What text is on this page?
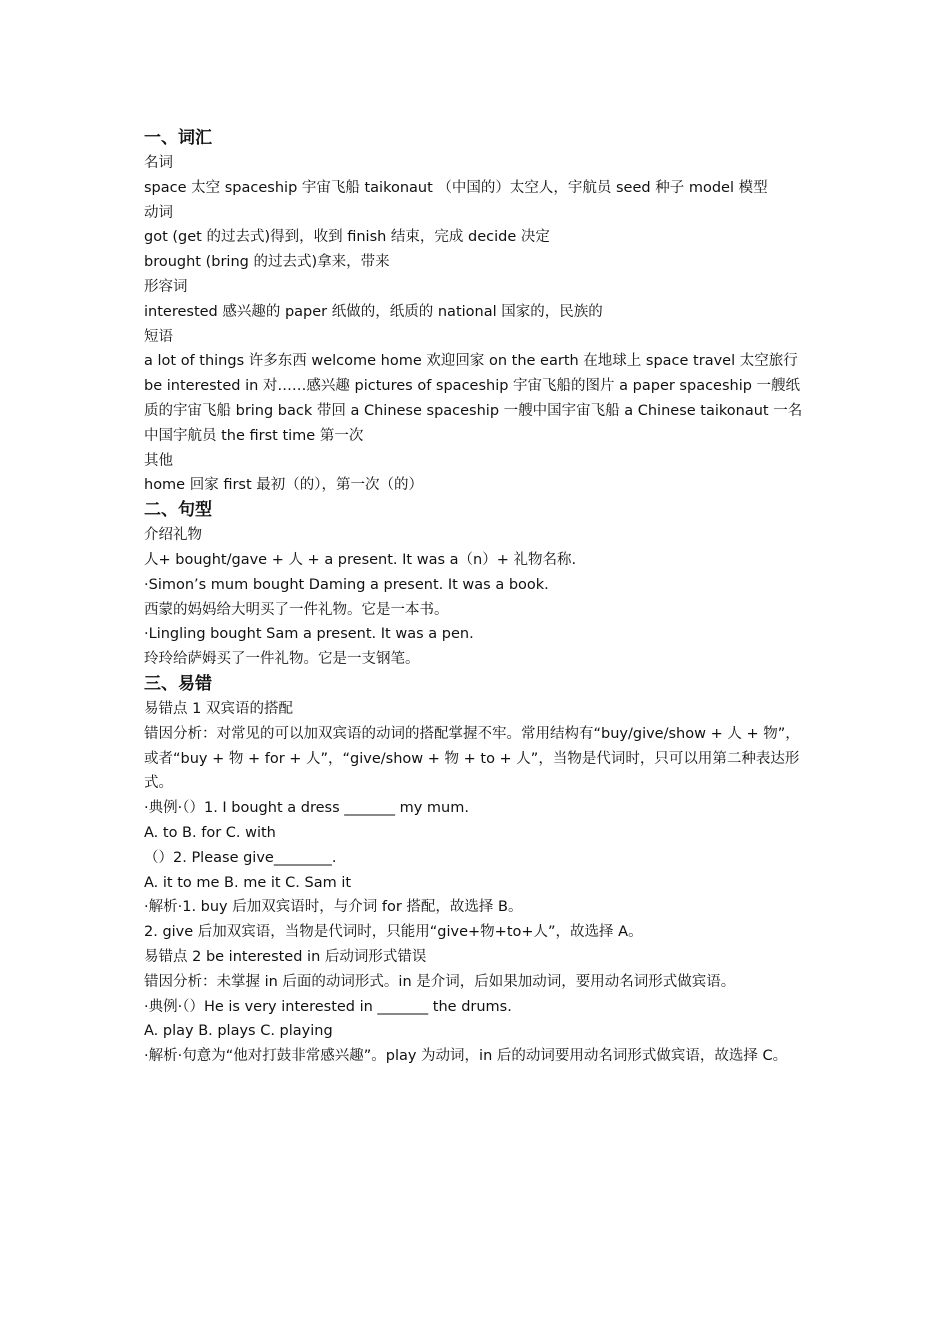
一、词汇
名词
space 太空 spaceship 宇宙飞船 taikonaut （中国的）太空人，宇航员 seed 种子 model 模型
动词
got (get 的过去式)得到，收到 finish 结束，完成 decide 决定
brought (bring 的过去式)拿来，带来
形容词
interested 感兴趣的 paper 纸做的，纸质的 national 国家的，民族的
短语
a lot of things 许多东西 welcome home 欢迎回家 on the earth 在地球上 space travel 太空旅行 be interested in 对……感兴趣 pictures of spaceship 宇宙飞船的图片 a paper spaceship 一艘纸质的宇宙飞船 bring back 带回 a Chinese spaceship 一艘中国宇宙飞船 a Chinese taikonaut 一名中国宇航员 the first time 第一次
其他
home 回家 first 最初（的），第一次（的）
二、句型
介绍礼物
人+ bought/gave + 人 + a present. It was a（n）+ 礼物名称.
·Simon’s mum bought Daming a present. It was a book.
西蒙的妈妈给大明买了一件礼物。它是一本书。
·Lingling bought Sam a present. It was a pen.
玲玲给萨姆买了一件礼物。它是一支钢笔。
三、易错
易错点 1 双宾语的搭配
错因分析：对常见的可以加双宾语的动词的搭配掌握不牢。常用结构有“buy/give/show + 人 + 物”，或者“buy + 物 + for + 人”，“give/show + 物 + to + 人”，当物是代词时，只可以用第二种表达形式。
·典例·（）1. I bought a dress _______ my mum.
A. to B. for C. with
（）2. Please give________.
A. it to me B. me it C. Sam it
·解析·1. buy 后加双宾语时，与介词 for 搭配，故选择 B。
2. give 后加双宾语，当物是代词时，只能用“give+物+to+人”，故选择 A。
易错点 2 be interested in 后动词形式错误
错因分析：未掌握 in 后面的动词形式。in 是介词，后如果加动词，要用动名词形式做宾语。
·典例·（）He is very interested in _______ the drums.
A. play B. plays C. playing
·解析·句意为“他对打鼓非常感兴趣”。play 为动词，in 后的动词要用动名词形式做宾语，故选择 C。
